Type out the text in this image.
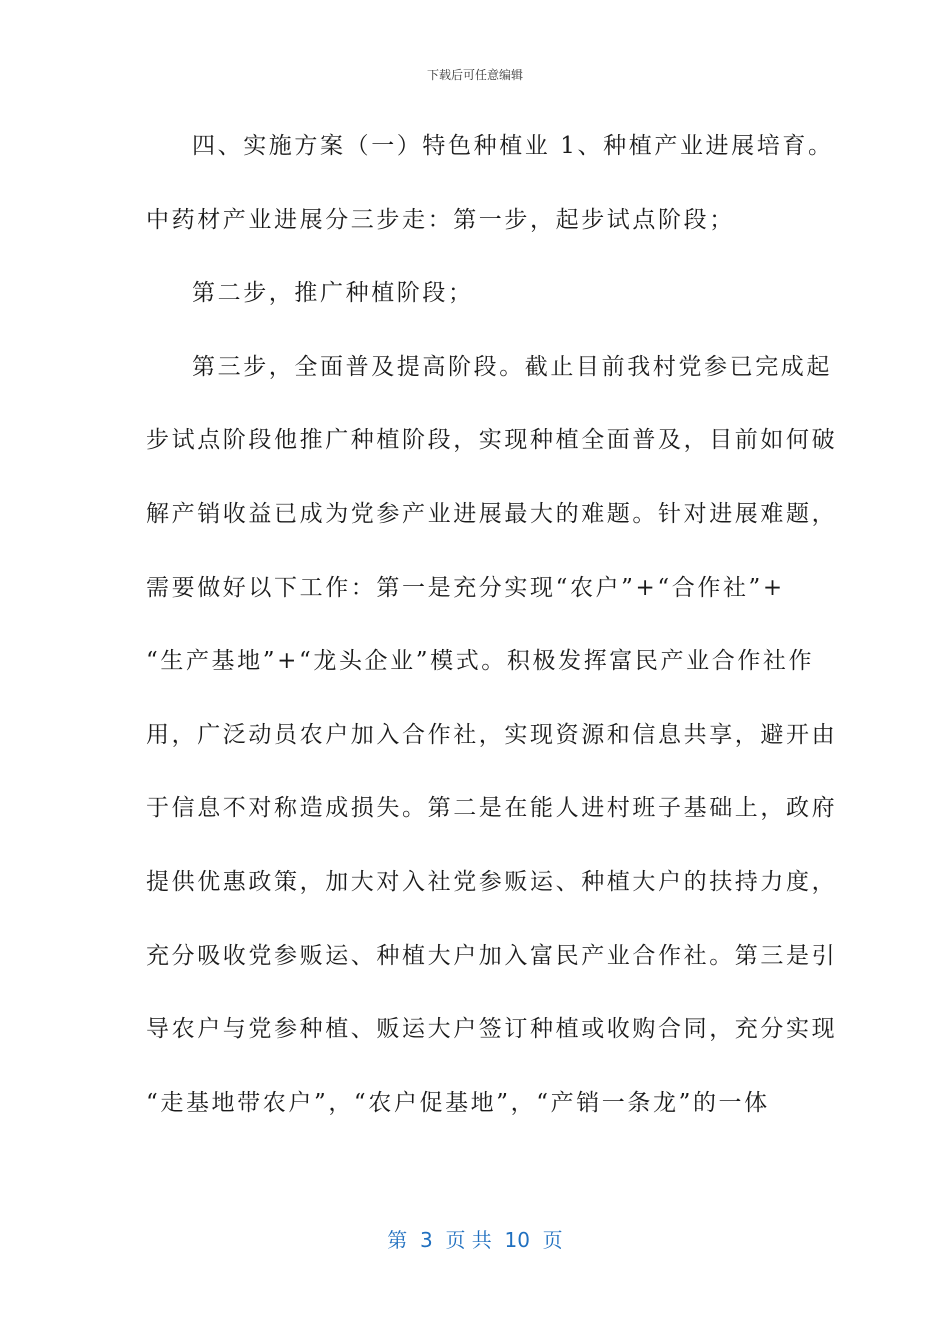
下载后可任意编辑
四、实施方案（一）特色种植业 1、种植产业进展培育。
中药材产业进展分三步走：第一步，起步试点阶段；
第二步，推广种植阶段；
第三步，全面普及提高阶段。截止目前我村党参已完成起
步试点阶段他推广种植阶段，实现种植全面普及，目前如何破
解产销收益已成为党参产业进展最大的难题。针对进展难题，
需要做好以下工作：第一是充分实现“农户”+“合作社”+
“生产基地”+“龙头企业”模式。积极发挥富民产业合作社作
用，广泛动员农户加入合作社，实现资源和信息共享，避开由
于信息不对称造成损失。第二是在能人进村班子基础上，政府
提供优惠政策，加大对入社党参贩运、种植大户的扶持力度，
充分吸收党参贩运、种植大户加入富民产业合作社。第三是引
导农户与党参种植、贩运大户签订种植或收购合同，充分实现
“走基地带农户”，“农户促基地”，“产销一条龙”的一体
第  3  页 共  10  页
